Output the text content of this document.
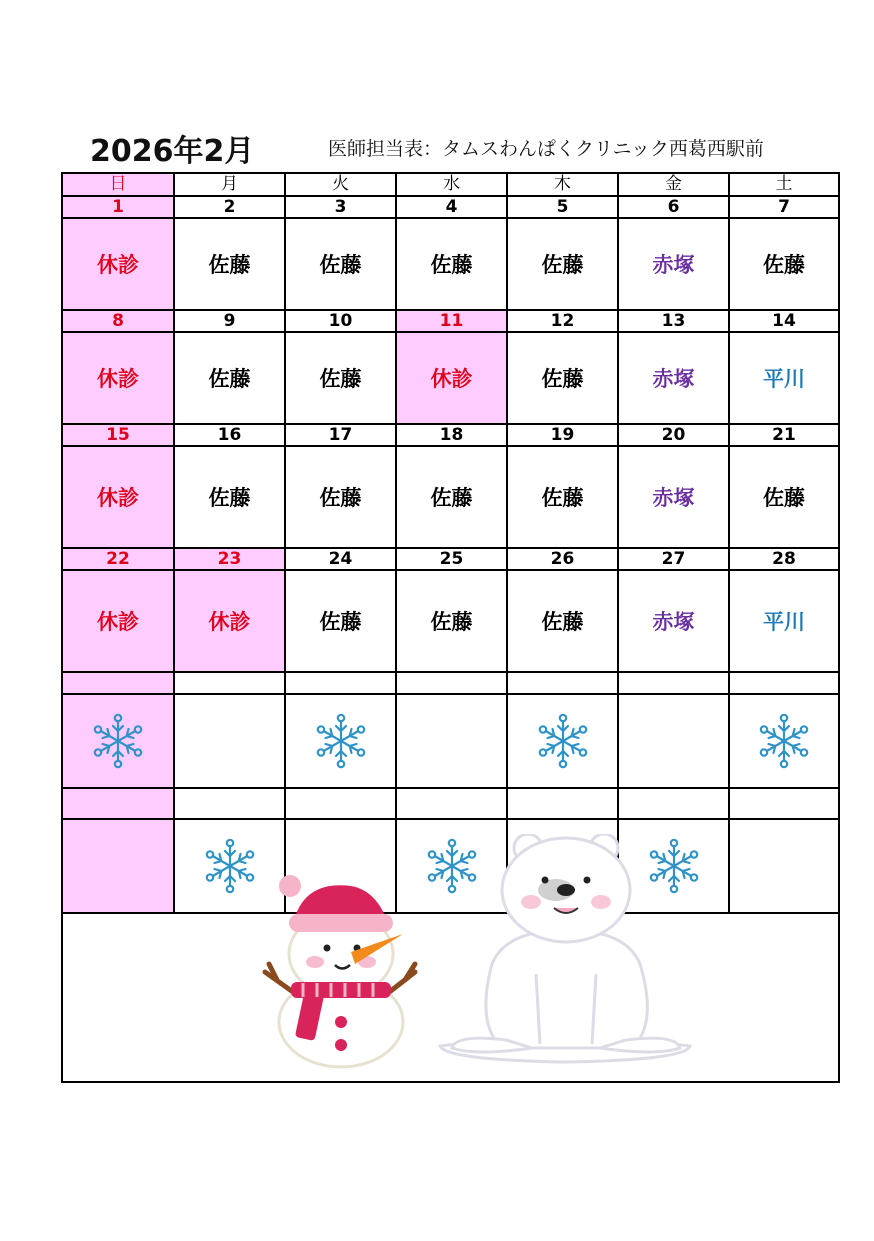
2026年2月	医師担当表：タムスわんぱくクリニック西葛西駅前
日	月	火	水	木	金	土
1	2	3	4	5	6	7
休診	佐藤	佐藤	佐藤	佐藤	赤塚	佐藤
8	9	10	11	12	13	14
休診	佐藤	佐藤	休診	佐藤	赤塚	平川
15	16	17	18	19	20	21
休診	佐藤	佐藤	佐藤	佐藤	赤塚	佐藤
22	23	24	25	26	27	28
休診	休診	佐藤	佐藤	佐藤	赤塚	平川
